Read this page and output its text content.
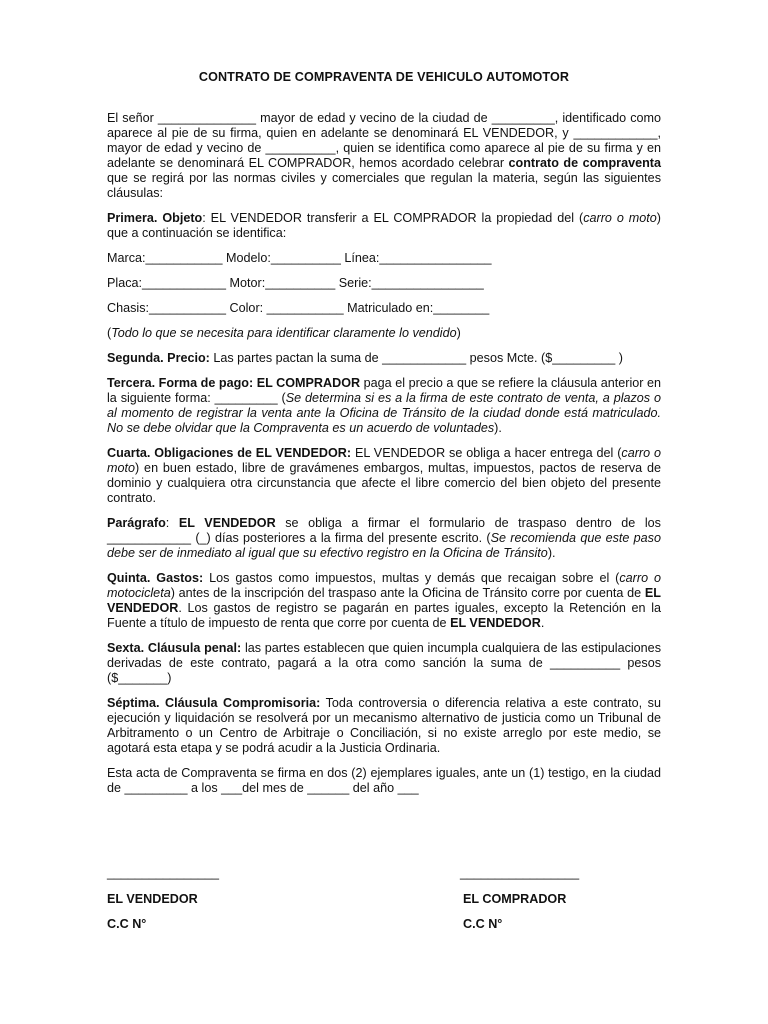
CONTRATO DE COMPRAVENTA DE VEHICULO AUTOMOTOR

El señor ______________ mayor de edad y vecino de la ciudad de _________, identificado como aparece al pie de su firma, quien en adelante se denominará EL VENDEDOR, y ____________, mayor de edad y vecino de __________, quien se identifica como aparece al pie de su firma y en adelante se denominará EL COMPRADOR, hemos acordado celebrar contrato de compraventa que se regirá por las normas civiles y comerciales que regulan la materia, según las siguientes cláusulas:

Primera. Objeto: EL VENDEDOR transferir a EL COMPRADOR la propiedad del (carro o moto) que a continuación se identifica:

Marca:___________ Modelo:__________ Línea:________________

Placa:____________ Motor:__________ Serie:________________

Chasis:___________ Color: ___________ Matriculado en:________

(Todo lo que se necesita para identificar claramente lo vendido)

Segunda. Precio: Las partes pactan la suma de ____________ pesos Mcte. ($_________ )

Tercera. Forma de pago: EL COMPRADOR paga el precio a que se refiere la cláusula anterior en la siguiente forma: _________ (Se determina si es a la firma de este contrato de venta, a plazos o al momento de registrar la venta ante la Oficina de Tránsito de la ciudad donde está matriculado. No se debe olvidar que la Compraventa es un acuerdo de voluntades).

Cuarta. Obligaciones de EL VENDEDOR: EL VENDEDOR se obliga a hacer entrega del (carro o moto) en buen estado, libre de gravámenes embargos, multas, impuestos, pactos de reserva de dominio y cualquiera otra circunstancia que afecte el libre comercio del bien objeto del presente contrato.

Parágrafo: EL VENDEDOR se obliga a firmar el formulario de traspaso dentro de los ____________ (_) días posteriores a la firma del presente escrito. (Se recomienda que este paso debe ser de inmediato al igual que su efectivo registro en la Oficina de Tránsito).

Quinta. Gastos: Los gastos como impuestos, multas y demás que recaigan sobre el (carro o motocicleta) antes de la inscripción del traspaso ante la Oficina de Tránsito corre por cuenta de EL VENDEDOR. Los gastos de registro se pagarán en partes iguales, excepto la Retención en la Fuente a título de impuesto de renta que corre por cuenta de EL VENDEDOR.

Sexta. Cláusula penal: las partes establecen que quien incumpla cualquiera de las estipulaciones derivadas de este contrato, pagará a la otra como sanción la suma de __________ pesos ($_______)

Séptima. Cláusula Compromisoria: Toda controversia o diferencia relativa a este contrato, su ejecución y liquidación se resolverá por un mecanismo alternativo de justicia como un Tribunal de Arbitramento o un Centro de Arbitraje o Conciliación, si no existe arreglo por este medio, se agotará esta etapa y se podrá acudir a la Justicia Ordinaria.

Esta acta de Compraventa se firma en dos (2) ejemplares iguales, ante un (1) testigo, en la ciudad de _________ a los ___del mes de ______ del año ___

________________
EL VENDEDOR
C.C N°
_________________
EL COMPRADOR
C.C N°
